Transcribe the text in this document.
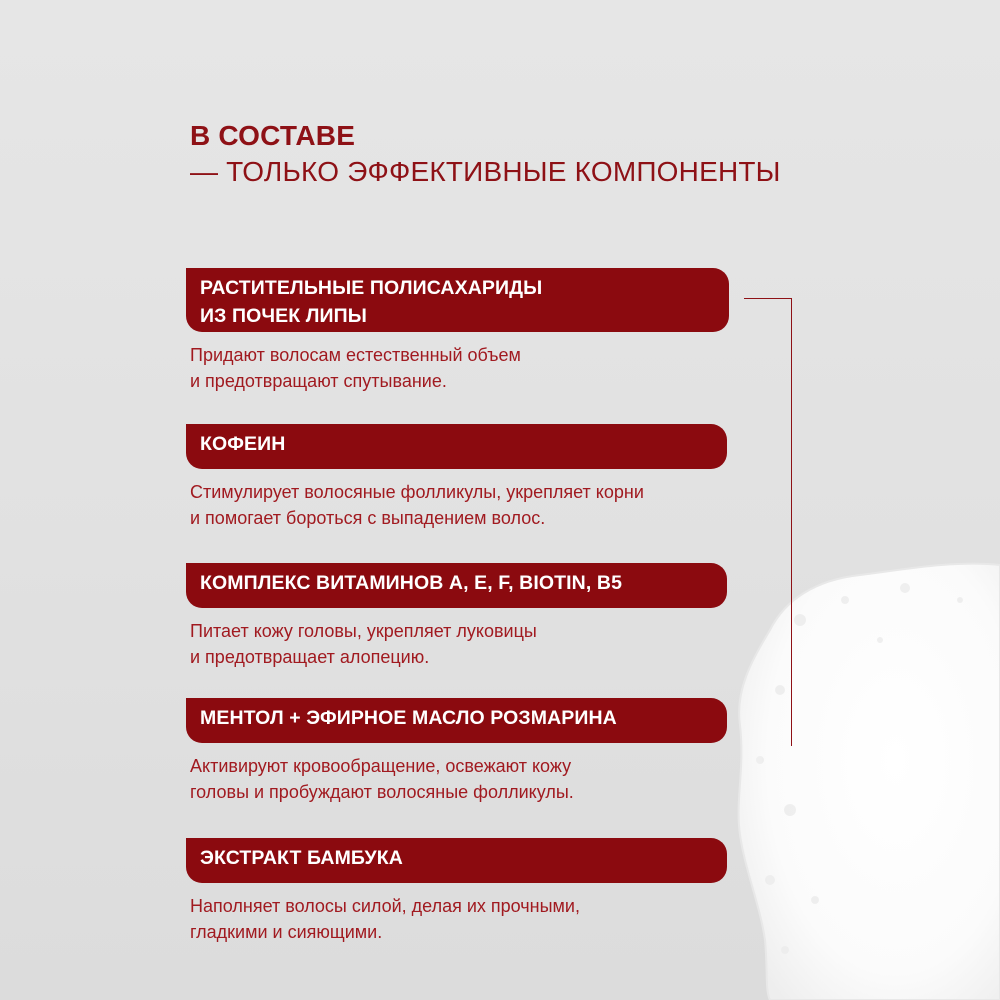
В СОСТАВЕ
— ТОЛЬКО ЭФФЕКТИВНЫЕ КОМПОНЕНТЫ
РАСТИТЕЛЬНЫЕ ПОЛИСАХАРИДЫ
ИЗ ПОЧЕК ЛИПЫ
Придают волосам естественный объем
и предотвращают спутывание.
КОФЕИН
Стимулирует волосяные фолликулы, укрепляет корни
и помогает бороться с выпадением волос.
КОМПЛЕКС ВИТАМИНОВ A, E, F, BIOTIN, B5
Питает кожу головы, укрепляет луковицы
и предотвращает алопецию.
МЕНТОЛ + ЭФИРНОЕ МАСЛО РОЗМАРИНА
Активируют кровообращение, освежают кожу
головы и пробуждают волосяные фолликулы.
ЭКСТРАКТ БАМБУКА
Наполняет волосы силой, делая их прочными,
гладкими и сияющими.
